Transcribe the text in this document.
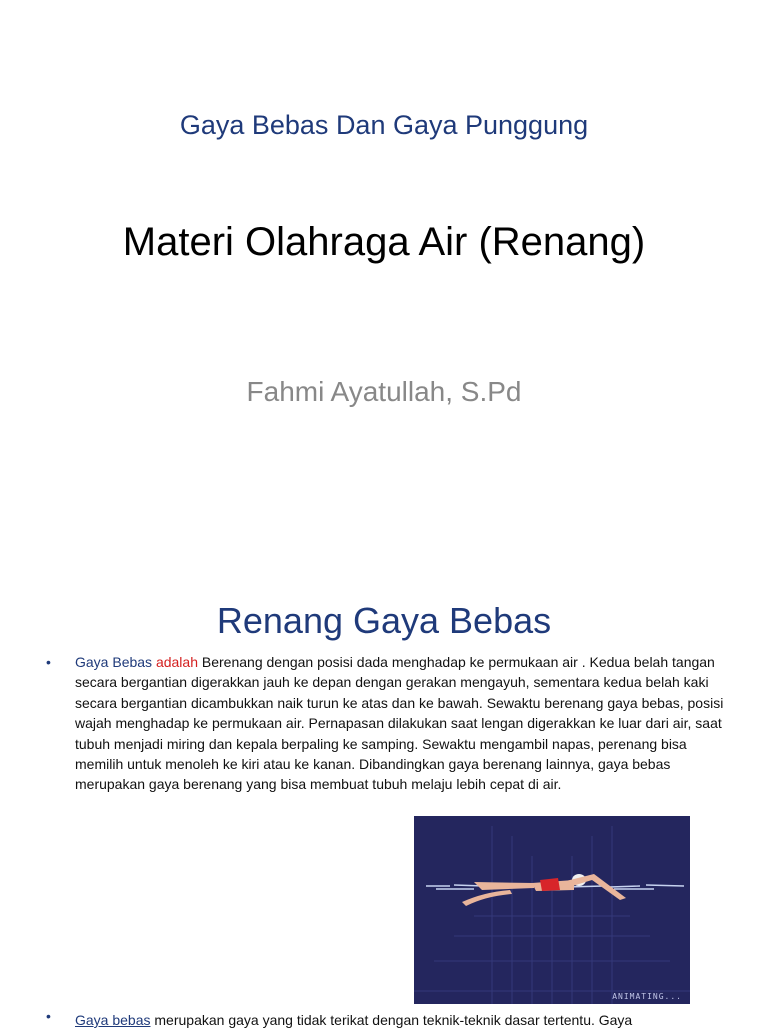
Gaya Bebas Dan Gaya Punggung
Materi Olahraga Air (Renang)
Fahmi Ayatullah, S.Pd
Renang Gaya Bebas
• Gaya Bebas adalah Berenang dengan posisi dada menghadap ke permukaan air . Kedua belah tangan secara bergantian digerakkan jauh ke depan dengan gerakan mengayuh, sementara kedua belah kaki secara bergantian dicambukkan naik turun ke atas dan ke bawah. Sewaktu berenang gaya bebas, posisi wajah menghadap ke permukaan air. Pernapasan dilakukan saat lengan digerakkan ke luar dari air, saat tubuh menjadi miring dan kepala berpaling ke samping. Sewaktu mengambil napas, perenang bisa memilih untuk menoleh ke kiri atau ke kanan. Dibandingkan gaya berenang lainnya, gaya bebas merupakan gaya berenang yang bisa membuat tubuh melaju lebih cepat di air.
ANIMATING...
• Gaya bebas merupakan gaya yang tidak terikat dengan teknik-teknik dasar tertentu. Gaya
